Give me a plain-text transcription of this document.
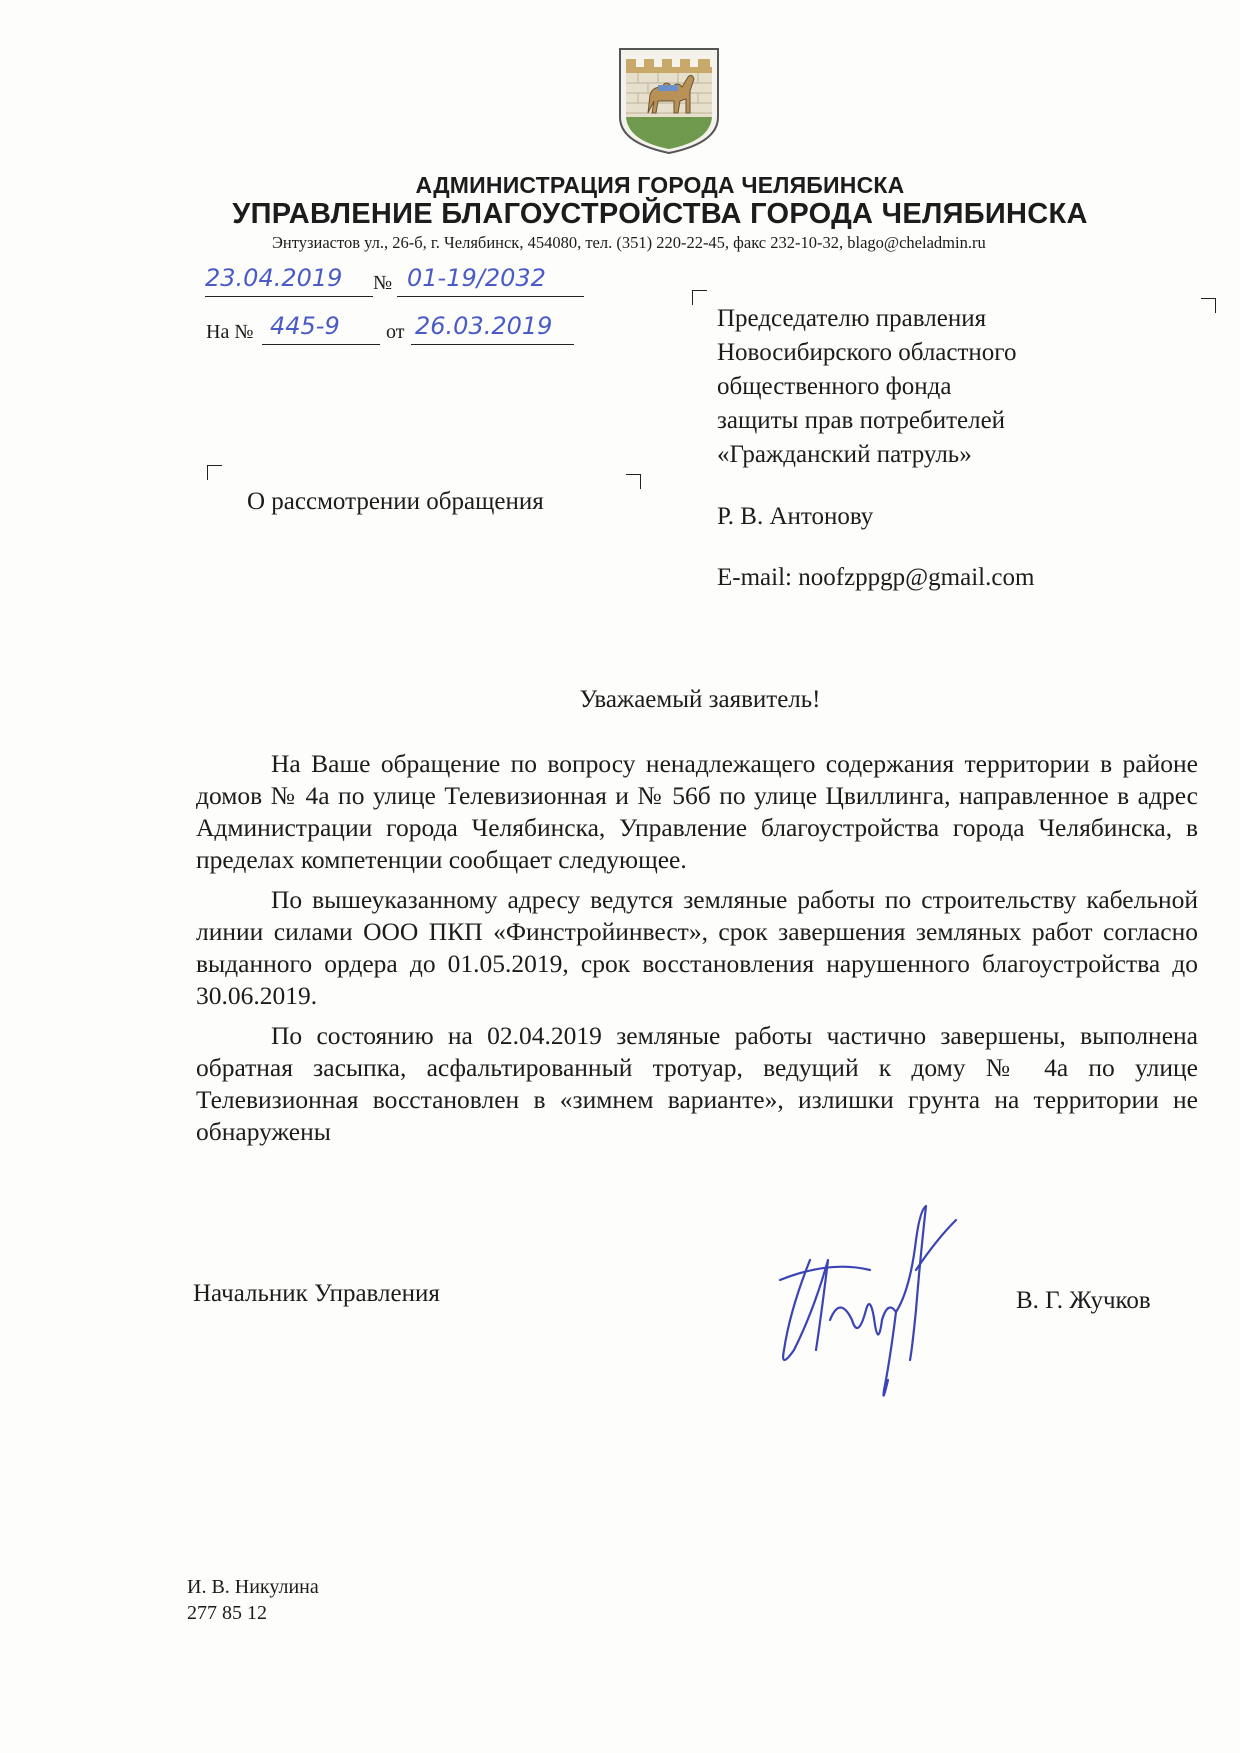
АДМИНИСТРАЦИЯ ГОРОДА ЧЕЛЯБИНСКА
УПРАВЛЕНИЕ БЛАГОУСТРОЙСТВА ГОРОДА ЧЕЛЯБИНСКА
Энтузиастов ул., 26-б, г. Челябинск, 454080, тел. (351) 220-22-45, факс 232-10-32, blago@cheladmin.ru
23.04.2019	№ 01-19/2032
На № 445-9	от 26.03.2019	Председателю правления
Новосибирского областного
общественного фонда
защиты прав потребителей
«Гражданский патруль»
Р. В. Антонову
E-mail: noofzppgp@gmail.com
О рассмотрении обращения
Уважаемый заявитель!

На Ваше обращение по вопросу ненадлежащего содержания территории в районе домов № 4а по улице Телевизионная и № 56б по улице Цвиллинга, направленное в адрес Администрации города Челябинска, Управление благоустройства города Челябинска, в пределах компетенции сообщает следующее.

По вышеуказанному адресу ведутся земляные работы по строительству кабельной линии силами ООО ПКП «Финстройинвест», срок завершения земляных работ согласно выданного ордера до 01.05.2019, срок восстановления нарушенного благоустройства до 30.06.2019.

По состоянию на 02.04.2019 земляные работы частично завершены, выполнена обратная засыпка, асфальтированный тротуар, ведущий к дому № 4а по улице Телевизионная восстановлен в «зимнем варианте», излишки грунта на территории не обнаружены

Начальник Управления	В. Г. Жучков
И. В. Никулина
277 85 12
